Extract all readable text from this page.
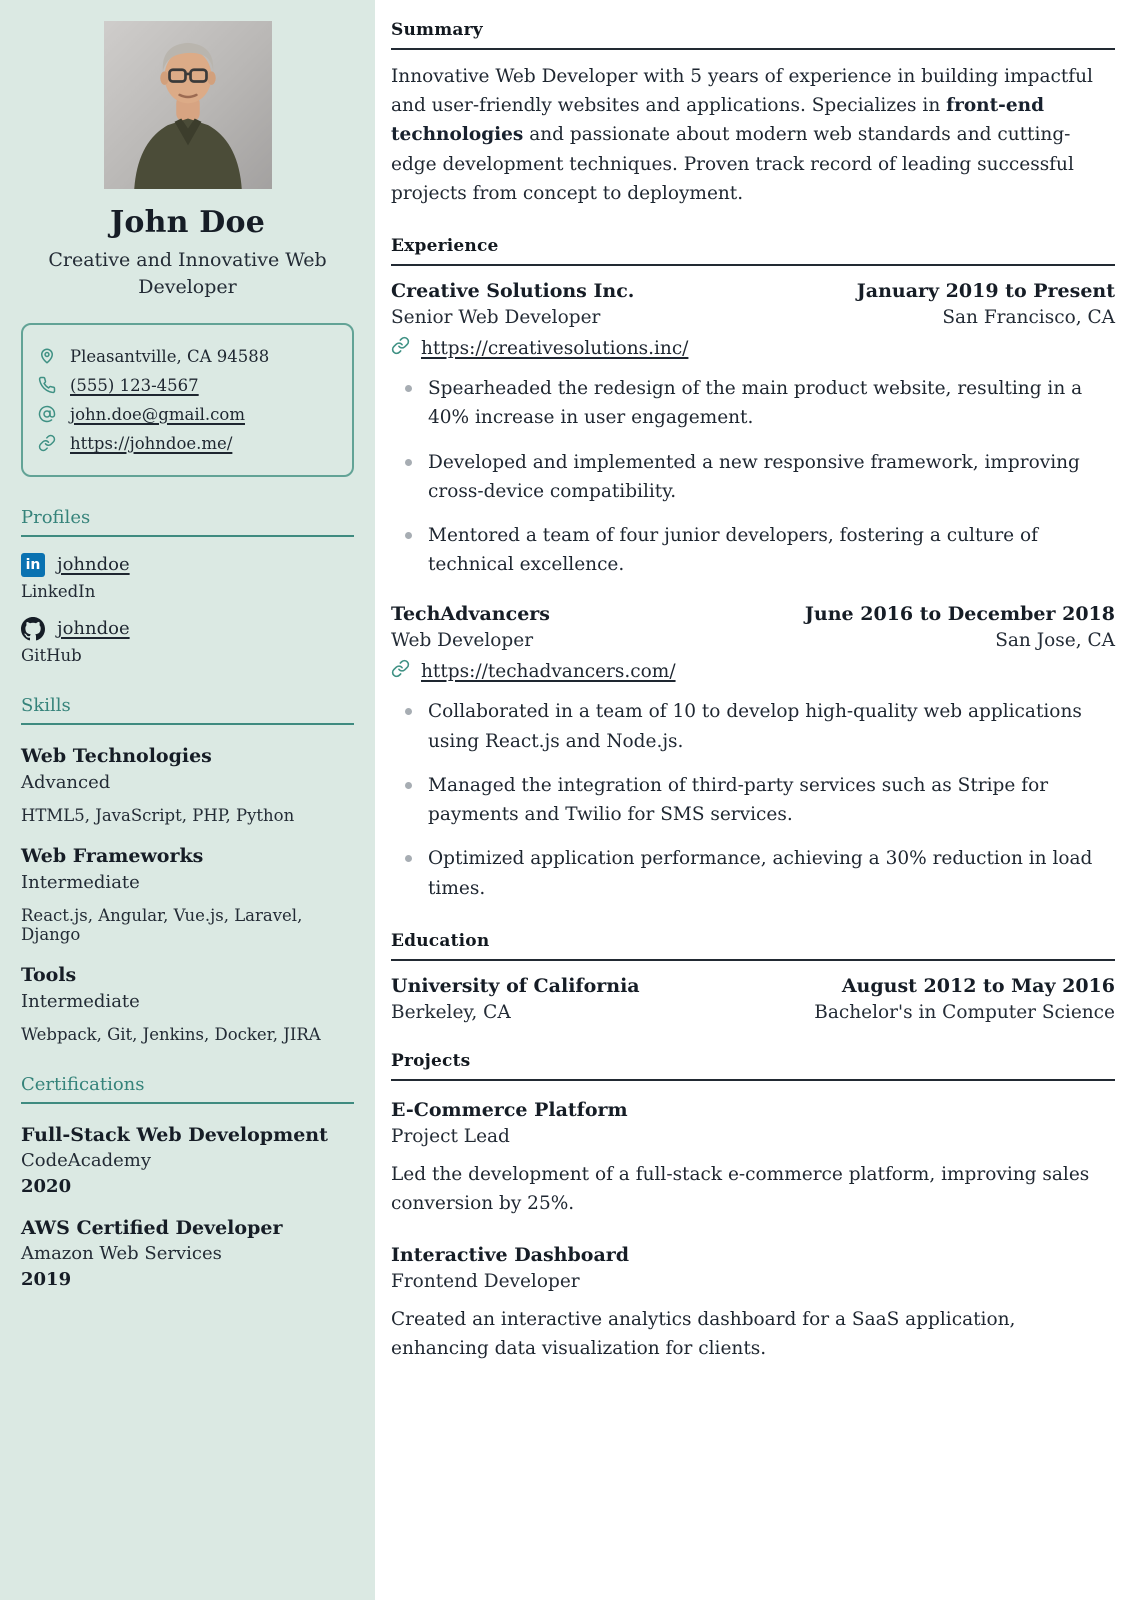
John Doe
Creative and Innovative Web Developer
Pleasantville, CA 94588
(555) 123-4567
john.doe@gmail.com
https://johndoe.me/
Profiles
in johndoe
LinkedIn
johndoe
GitHub
Skills
Web Technologies
Advanced
HTML5, JavaScript, PHP, Python
Web Frameworks
Intermediate
React.js, Angular, Vue.js, Laravel, Django
Tools
Intermediate
Webpack, Git, Jenkins, Docker, JIRA
Certifications
Full-Stack Web Development
CodeAcademy
2020
AWS Certified Developer
Amazon Web Services
2019
Summary

Innovative Web Developer with 5 years of experience in building impactful and user-friendly websites and applications. Specializes in front-end technologies and passionate about modern web standards and cutting-edge development techniques. Proven track record of leading successful projects from concept to deployment.

Experience
Creative Solutions Inc.	January 2019 to Present
Senior Web Developer	San Francisco, CA
https://creativesolutions.inc/
Spearheaded the redesign of the main product website, resulting in a 40% increase in user engagement.
Developed and implemented a new responsive framework, improving cross-device compatibility.
Mentored a team of four junior developers, fostering a culture of technical excellence.
TechAdvancers	June 2016 to December 2018
Web Developer	San Jose, CA
https://techadvancers.com/
Collaborated in a team of 10 to develop high-quality web applications using React.js and Node.js.
Managed the integration of third-party services such as Stripe for payments and Twilio for SMS services.
Optimized application performance, achieving a 30% reduction in load times.
Education
University of California	August 2012 to May 2016
Berkeley, CA	Bachelor's in Computer Science
Projects
E-Commerce Platform
Project Lead

Led the development of a full-stack e-commerce platform, improving sales conversion by 25%.

Interactive Dashboard
Frontend Developer

Created an interactive analytics dashboard for a SaaS application, enhancing data visualization for clients.
